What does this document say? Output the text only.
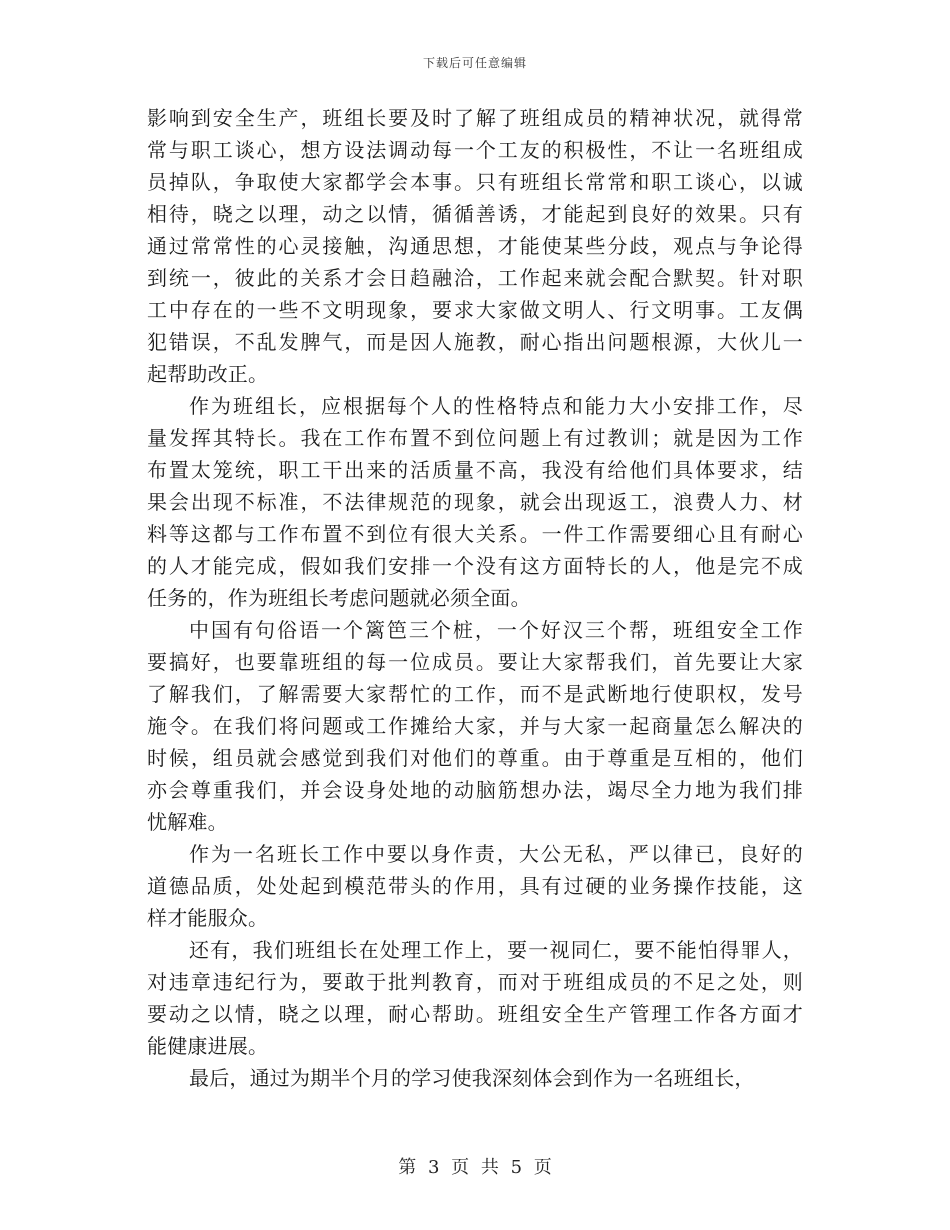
下载后可任意编辑
影响到安全生产，班组长要及时了解了班组成员的精神状况，就得常
常与职工谈心，想方设法调动每一个工友的积极性，不让一名班组成
员掉队，争取使大家都学会本事。只有班组长常常和职工谈心，以诚
相待，晓之以理，动之以情，循循善诱，才能起到良好的效果。只有
通过常常性的心灵接触，沟通思想，才能使某些分歧，观点与争论得
到统一，彼此的关系才会日趋融洽，工作起来就会配合默契。针对职
工中存在的一些不文明现象，要求大家做文明人、行文明事。工友偶
犯错误，不乱发脾气，而是因人施教，耐心指出问题根源，大伙儿一
起帮助改正。
作为班组长，应根据每个人的性格特点和能力大小安排工作，尽
量发挥其特长。我在工作布置不到位问题上有过教训；就是因为工作
布置太笼统，职工干出来的活质量不高，我没有给他们具体要求，结
果会出现不标准，不法律规范的现象，就会出现返工，浪费人力、材
料等这都与工作布置不到位有很大关系。一件工作需要细心且有耐心
的人才能完成，假如我们安排一个没有这方面特长的人，他是完不成
任务的，作为班组长考虑问题就必须全面。
中国有句俗语一个篱笆三个桩，一个好汉三个帮，班组安全工作
要搞好，也要靠班组的每一位成员。要让大家帮我们，首先要让大家
了解我们，了解需要大家帮忙的工作，而不是武断地行使职权，发号
施令。在我们将问题或工作摊给大家，并与大家一起商量怎么解决的
时候，组员就会感觉到我们对他们的尊重。由于尊重是互相的，他们
亦会尊重我们，并会设身处地的动脑筋想办法，竭尽全力地为我们排
忧解难。
作为一名班长工作中要以身作责，大公无私，严以律已，良好的
道德品质，处处起到模范带头的作用，具有过硬的业务操作技能，这
样才能服众。
还有，我们班组长在处理工作上，要一视同仁，要不能怕得罪人，
对违章违纪行为，要敢于批判教育，而对于班组成员的不足之处，则
要动之以情，晓之以理，耐心帮助。班组安全生产管理工作各方面才
能健康进展。
最后，通过为期半个月的学习使我深刻体会到作为一名班组长，
第 3 页 共 5 页
